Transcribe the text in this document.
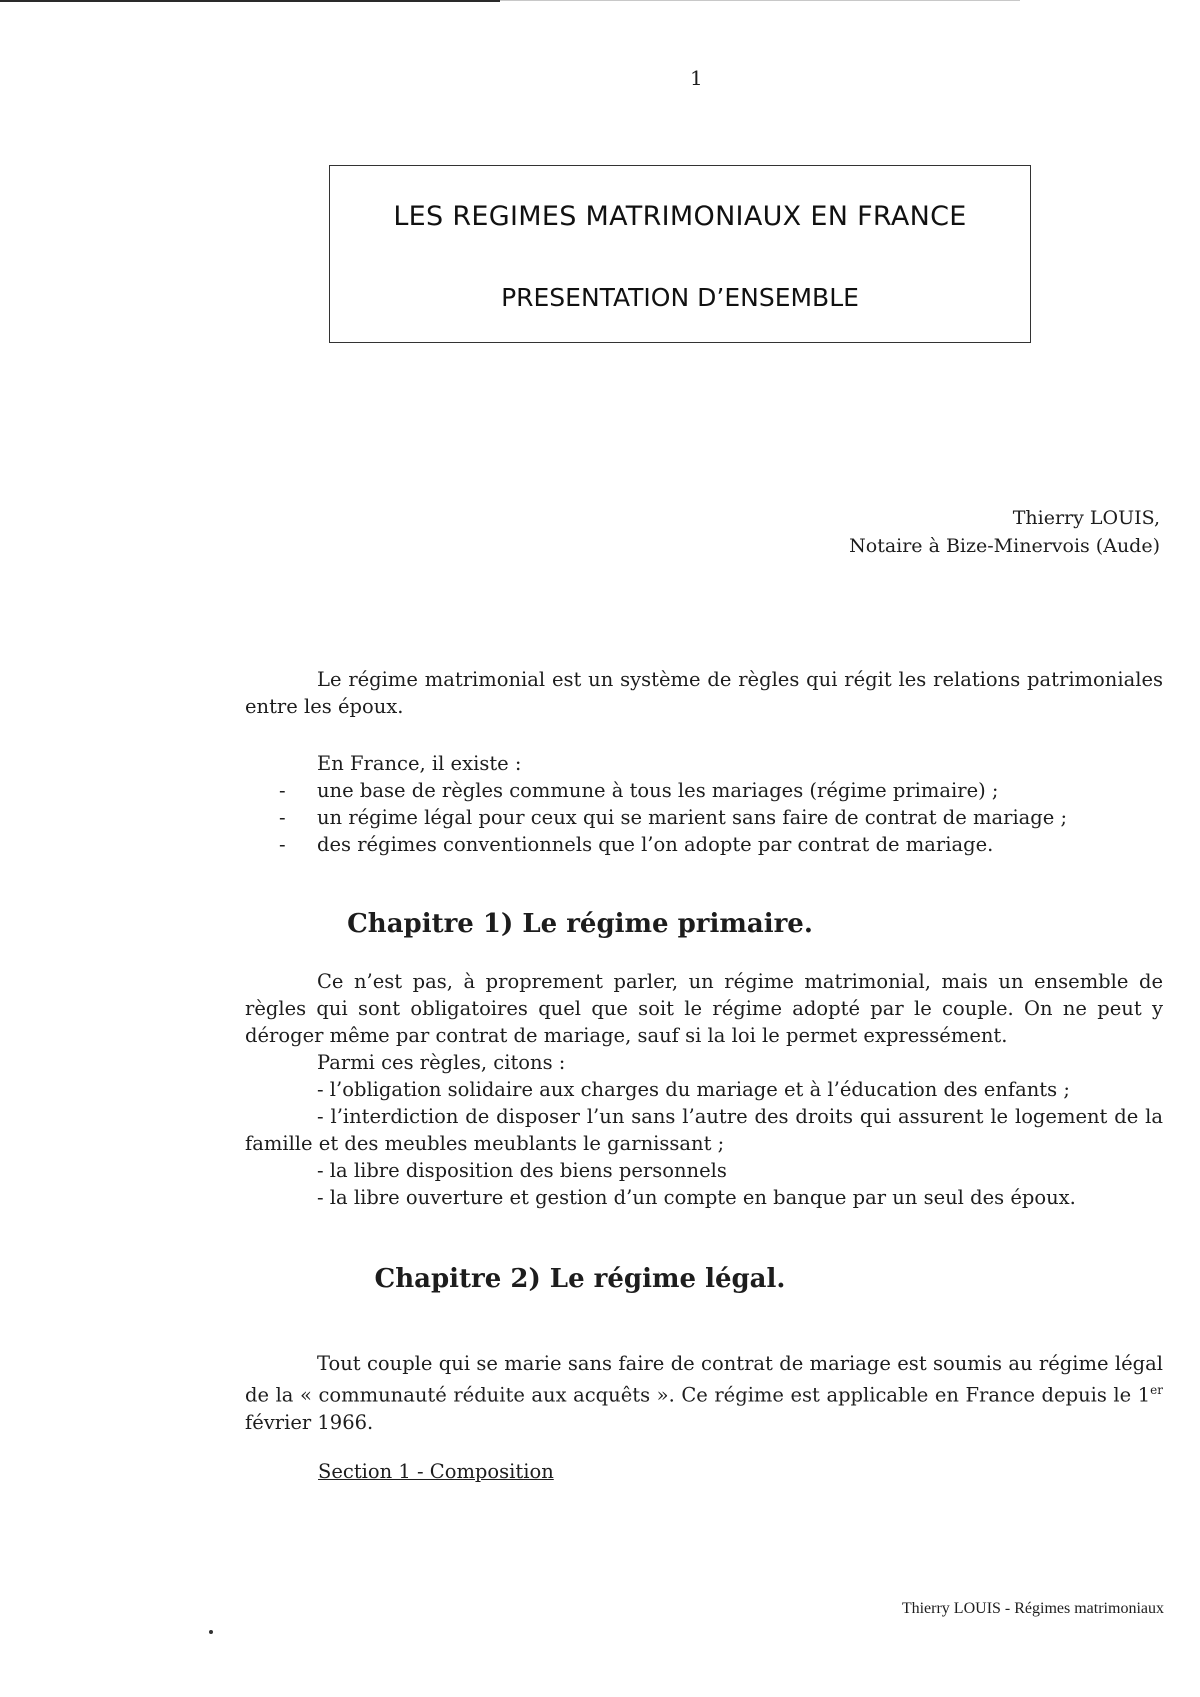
1
LES REGIMES MATRIMONIAUX EN FRANCE
PRESENTATION D’ENSEMBLE
Thierry LOUIS,
Notaire à Bize-Minervois (Aude)
Le régime matrimonial est un système de règles qui régit les relations patrimoniales entre les époux.
En France, il existe :
- une base de règles commune à tous les mariages (régime primaire) ;
- un régime légal pour ceux qui se marient sans faire de contrat de mariage ;
- des régimes conventionnels que l’on adopte par contrat de mariage.
Chapitre 1) Le régime primaire.
Ce n’est pas, à proprement parler, un régime matrimonial, mais un ensemble de règles qui sont obligatoires quel que soit le régime adopté par le couple. On ne peut y déroger même par contrat de mariage, sauf si la loi le permet expressément.
Parmi ces règles, citons :
- l’obligation solidaire aux charges du mariage et à l’éducation des enfants ;
- l’interdiction de disposer l’un sans l’autre des droits qui assurent le logement de la famille et des meubles meublants le garnissant ;
- la libre disposition des biens personnels
- la libre ouverture et gestion d’un compte en banque par un seul des époux.
Chapitre 2) Le régime légal.
Tout couple qui se marie sans faire de contrat de mariage est soumis au régime légal de la « communauté réduite aux acquêts ». Ce régime est applicable en France depuis le 1er février 1966.
Section 1 - Composition
Thierry LOUIS - Régimes matrimoniaux
